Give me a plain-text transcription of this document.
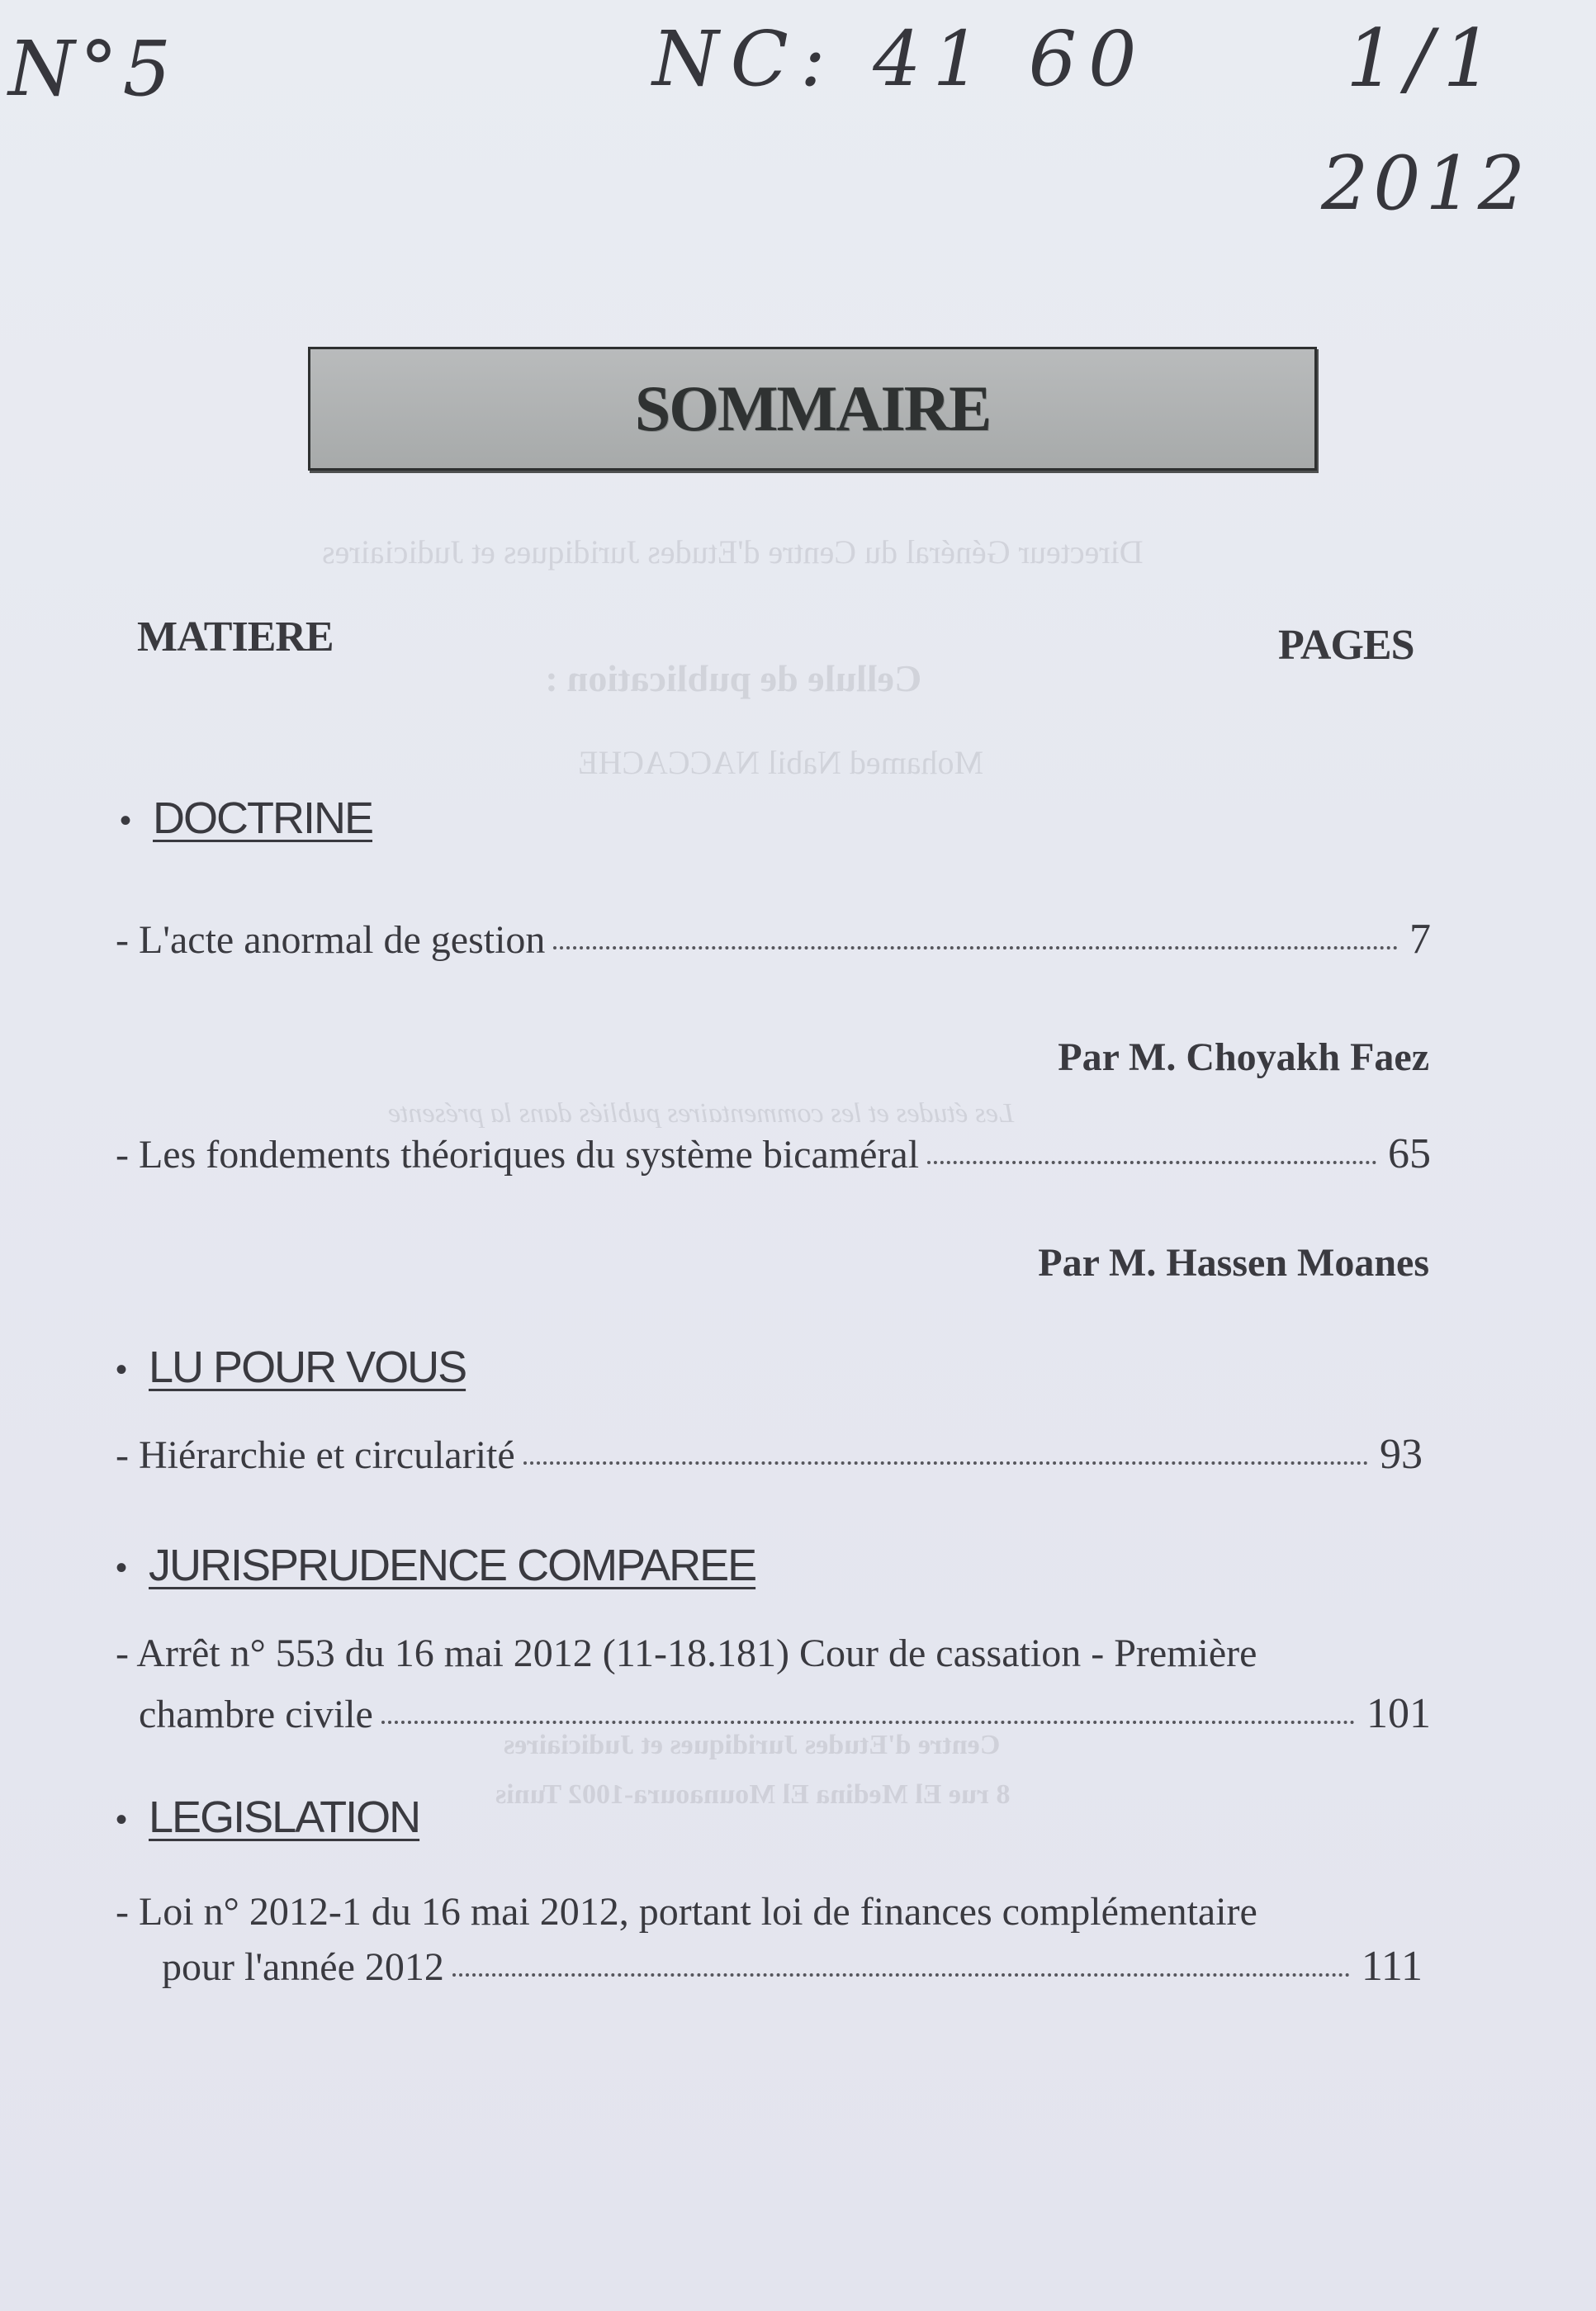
Directeur Général du Centre d'Etudes Juridiques et Judiciaires
Cellule de publication :
Mohamed Nabil NACCACHE
Les études et les commentaires publiés dans la présente
Centre d'Etudes Juridiques et Judiciaires
8 rue El Medina El Mounaoura-1002 Tunis
N°5	NC: 41 60 1/1
2012
SOMMAIRE
MATIERE	PAGES
• DOCTRINE
- L'acte anormal de gestion	7
Par M. Choyakh Faez
- Les fondements théoriques du système bicaméral	65
Par M. Hassen Moanes
• LU POUR VOUS
- Hiérarchie et circularité	93
• JURISPRUDENCE COMPAREE
- Arrêt n° 553 du 16 mai 2012 (11-18.181) Cour de cassation - Première
chambre civile	101
• LEGISLATION
- Loi n° 2012-1 du 16 mai 2012, portant loi de finances complémentaire
pour l'année 2012	111
